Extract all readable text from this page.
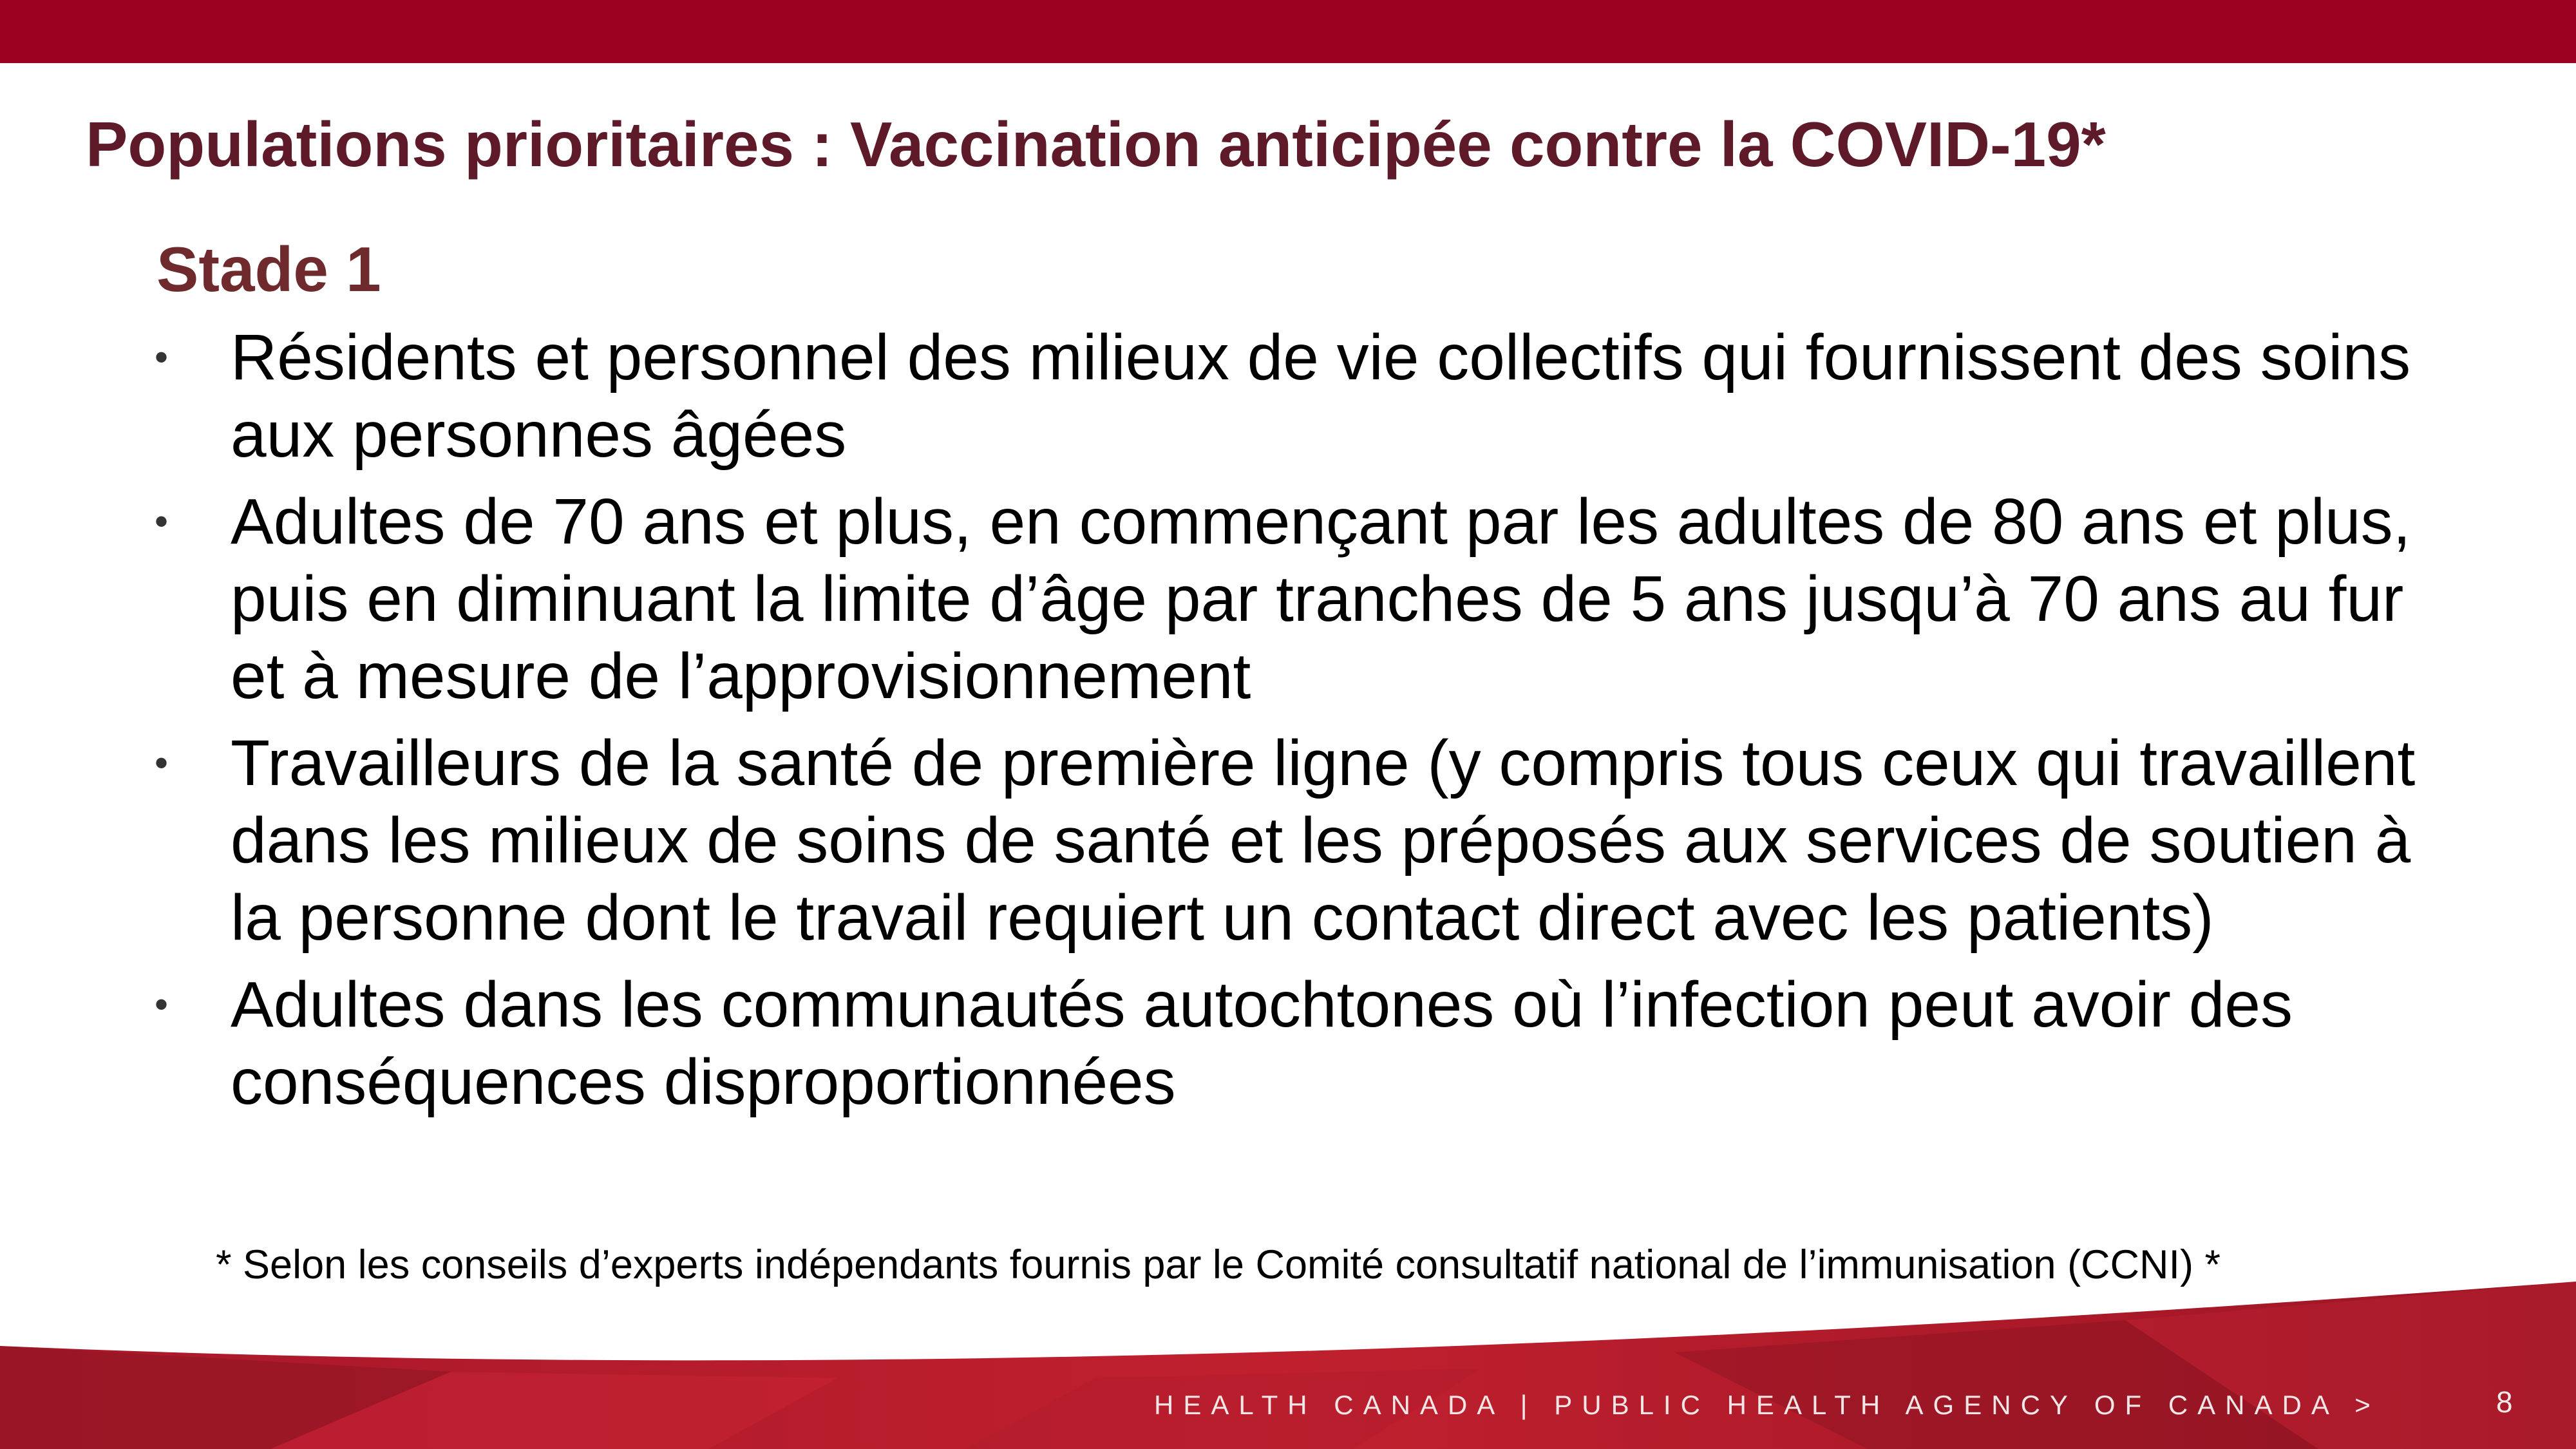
Populations prioritaires : Vaccination anticipée contre la COVID-19*
Stade 1
• Résidents et personnel des milieux de vie collectifs qui fournissent des soins aux personnes âgées
• Adultes de 70 ans et plus, en commençant par les adultes de 80 ans et plus, puis en diminuant la limite d’âge par tranches de 5 ans jusqu’à 70 ans au fur et à mesure de l’approvisionnement
• Travailleurs de la santé de première ligne (y compris tous ceux qui travaillent dans les milieux de soins de santé et les préposés aux services de soutien à la personne dont le travail requiert un contact direct avec les patients)
• Adultes dans les communautés autochtones où l’infection peut avoir des conséquences disproportionnées

* Selon les conseils d’experts indépendants fournis par le Comité consultatif national de l’immunisation (CCNI) *

HEALTH CANADA | PUBLIC HEALTH AGENCY OF CANADA >	8
